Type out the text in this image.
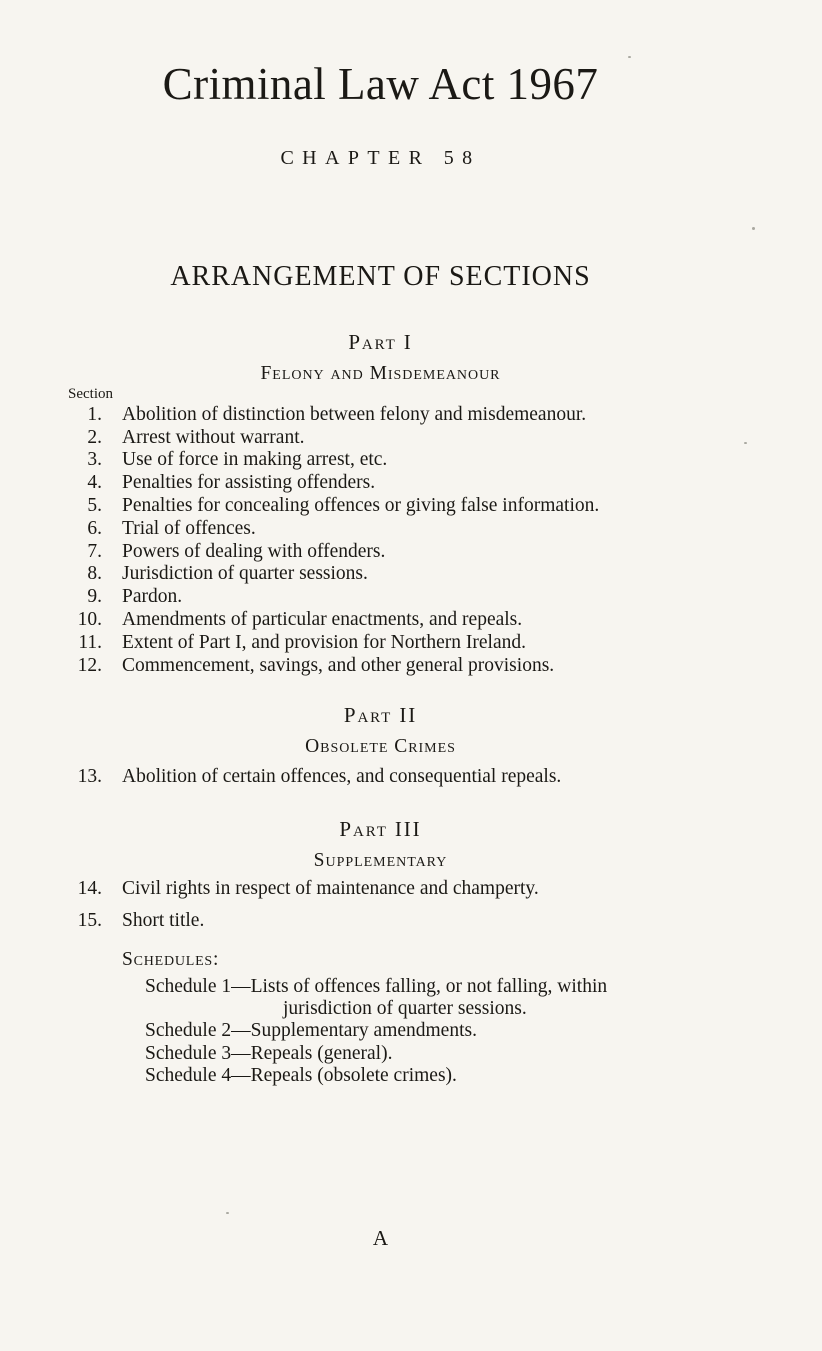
Criminal Law Act 1967
CHAPTER 58
ARRANGEMENT OF SECTIONS
Part I
Felony and Misdemeanour
Section
1.	Abolition of distinction between felony and misdemeanour.
2.	Arrest without warrant.
3.	Use of force in making arrest, etc.
4.	Penalties for assisting offenders.
5.	Penalties for concealing offences or giving false information.
6.	Trial of offences.
7.	Powers of dealing with offenders.
8.	Jurisdiction of quarter sessions.
9.	Pardon.
10.	Amendments of particular enactments, and repeals.
11.	Extent of Part I, and provision for Northern Ireland.
12.	Commencement, savings, and other general provisions.
Part II
Obsolete Crimes
13.	Abolition of certain offences, and consequential repeals.
Part III
Supplementary
14.	Civil rights in respect of maintenance and champerty.
15.	Short title.
Schedules:
Schedule 1—Lists of offences falling, or not falling, within
jurisdiction of quarter sessions.
Schedule 2—Supplementary amendments.
Schedule 3—Repeals (general).
Schedule 4—Repeals (obsolete crimes).
A
